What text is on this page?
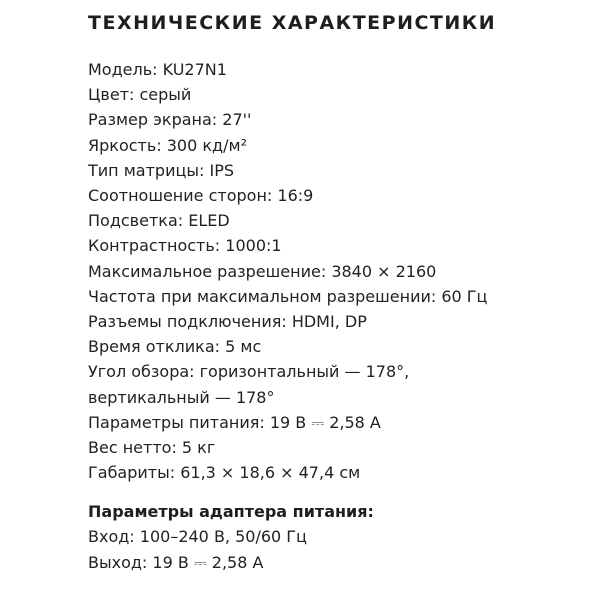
ТЕХНИЧЕСКИЕ ХАРАКТЕРИСТИКИ
Модель: KU27N1
Цвет: серый
Размер экрана: 27''
Яркость: 300 кд/м²
Тип матрицы: IPS
Соотношение сторон: 16:9
Подсветка: ELED
Контрастность: 1000:1
Максимальное разрешение: 3840 × 2160
Частота при максимальном разрешении: 60 Гц
Разъемы подключения: HDMI, DP
Время отклика: 5 мс
Угол обзора: горизонтальный — 178°,
вертикальный — 178°
Параметры питания: 19 В ⎓ 2,58 А
Вес нетто: 5 кг
Габариты: 61,3 × 18,6 × 47,4 см
Параметры адаптера питания:
Вход: 100–240 В, 50/60 Гц
Выход: 19 В ⎓ 2,58 А
